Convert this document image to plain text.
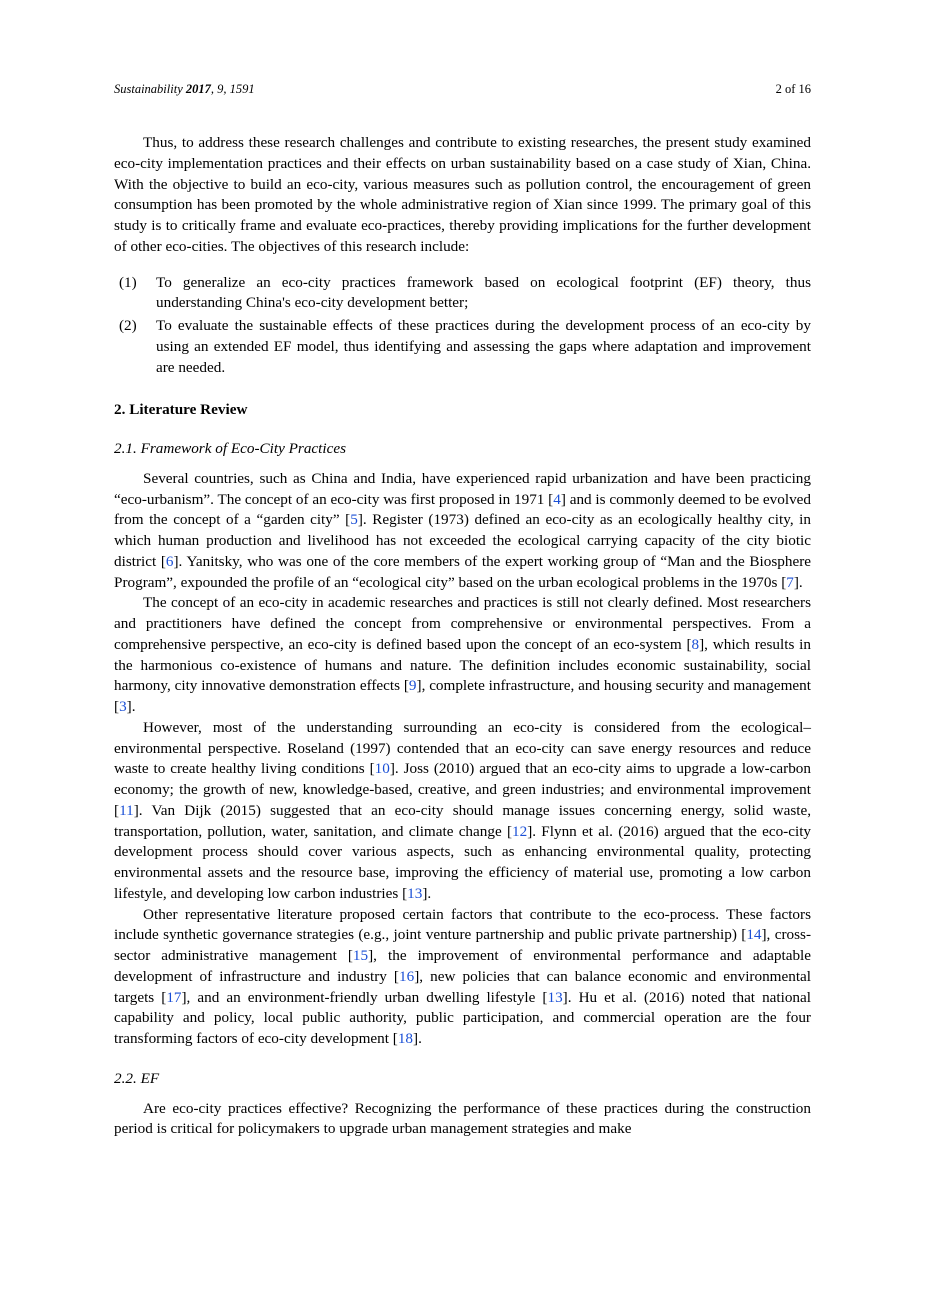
Sustainability 2017, 9, 1591	2 of 16

Thus, to address these research challenges and contribute to existing researches, the present study examined eco-city implementation practices and their effects on urban sustainability based on a case study of Xian, China. With the objective to build an eco-city, various measures such as pollution control, the encouragement of green consumption has been promoted by the whole administrative region of Xian since 1999. The primary goal of this study is to critically frame and evaluate eco-practices, thereby providing implications for the further development of other eco-cities. The objectives of this research include:

(1)	To generalize an eco-city practices framework based on ecological footprint (EF) theory, thus understanding China's eco-city development better;
(2)	To evaluate the sustainable effects of these practices during the development process of an eco-city by using an extended EF model, thus identifying and assessing the gaps where adaptation and improvement are needed.
2. Literature Review
2.1. Framework of Eco-City Practices

Several countries, such as China and India, have experienced rapid urbanization and have been practicing “eco-urbanism”. The concept of an eco-city was first proposed in 1971 [4] and is commonly deemed to be evolved from the concept of a “garden city” [5]. Register (1973) defined an eco-city as an ecologically healthy city, in which human production and livelihood has not exceeded the ecological carrying capacity of the city biotic district [6]. Yanitsky, who was one of the core members of the expert working group of “Man and the Biosphere Program”, expounded the profile of an “ecological city” based on the urban ecological problems in the 1970s [7].

The concept of an eco-city in academic researches and practices is still not clearly defined. Most researchers and practitioners have defined the concept from comprehensive or environmental perspectives. From a comprehensive perspective, an eco-city is defined based upon the concept of an eco-system [8], which results in the harmonious co-existence of humans and nature. The definition includes economic sustainability, social harmony, city innovative demonstration effects [9], complete infrastructure, and housing security and management [3].

However, most of the understanding surrounding an eco-city is considered from the ecological–environmental perspective. Roseland (1997) contended that an eco-city can save energy resources and reduce waste to create healthy living conditions [10]. Joss (2010) argued that an eco-city aims to upgrade a low-carbon economy; the growth of new, knowledge-based, creative, and green industries; and environmental improvement [11]. Van Dijk (2015) suggested that an eco-city should manage issues concerning energy, solid waste, transportation, pollution, water, sanitation, and climate change [12]. Flynn et al. (2016) argued that the eco-city development process should cover various aspects, such as enhancing environmental quality, protecting environmental assets and the resource base, improving the efficiency of material use, promoting a low carbon lifestyle, and developing low carbon industries [13].

Other representative literature proposed certain factors that contribute to the eco-process. These factors include synthetic governance strategies (e.g., joint venture partnership and public private partnership) [14], cross-sector administrative management [15], the improvement of environmental performance and adaptable development of infrastructure and industry [16], new policies that can balance economic and environmental targets [17], and an environment-friendly urban dwelling lifestyle [13]. Hu et al. (2016) noted that national capability and policy, local public authority, public participation, and commercial operation are the four transforming factors of eco-city development [18].

2.2. EF

Are eco-city practices effective? Recognizing the performance of these practices during the construction period is critical for policymakers to upgrade urban management strategies and make
